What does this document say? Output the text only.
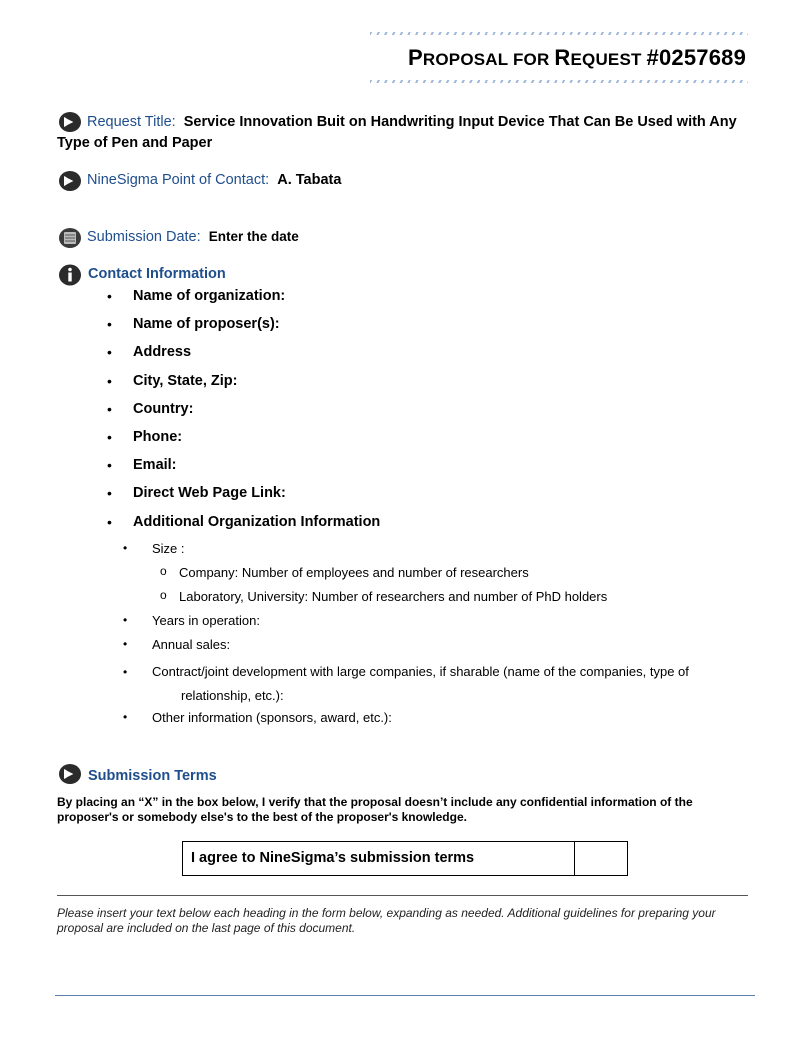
PROPOSAL FOR REQUEST #0257689
Request Title: Service Innovation Buit on Handwriting Input Device That Can Be Used with Any Type of Pen and Paper
NineSigma Point of Contact: A. Tabata
Submission Date: Enter the date
Contact Information
• Name of organization:
• Name of proposer(s):
• Address
• City, State, Zip:
• Country:
• Phone:
• Email:
• Direct Web Page Link:
• Additional Organization Information
• Size :
o Company: Number of employees and number of researchers
o Laboratory, University: Number of researchers and number of PhD holders
• Years in operation:
• Annual sales:
• Contract/joint development with large companies, if sharable (name of the companies, type of
relationship, etc.):
• Other information (sponsors, award, etc.):
Submission Terms
By placing an “X” in the box below, I verify that the proposal doesn’t include any confidential information of the proposer's or somebody else's to the best of the proposer's knowledge.
I agree to NineSigma’s submission terms
Please insert your text below each heading in the form below, expanding as needed. Additional guidelines for preparing your proposal are included on the last page of this document.
